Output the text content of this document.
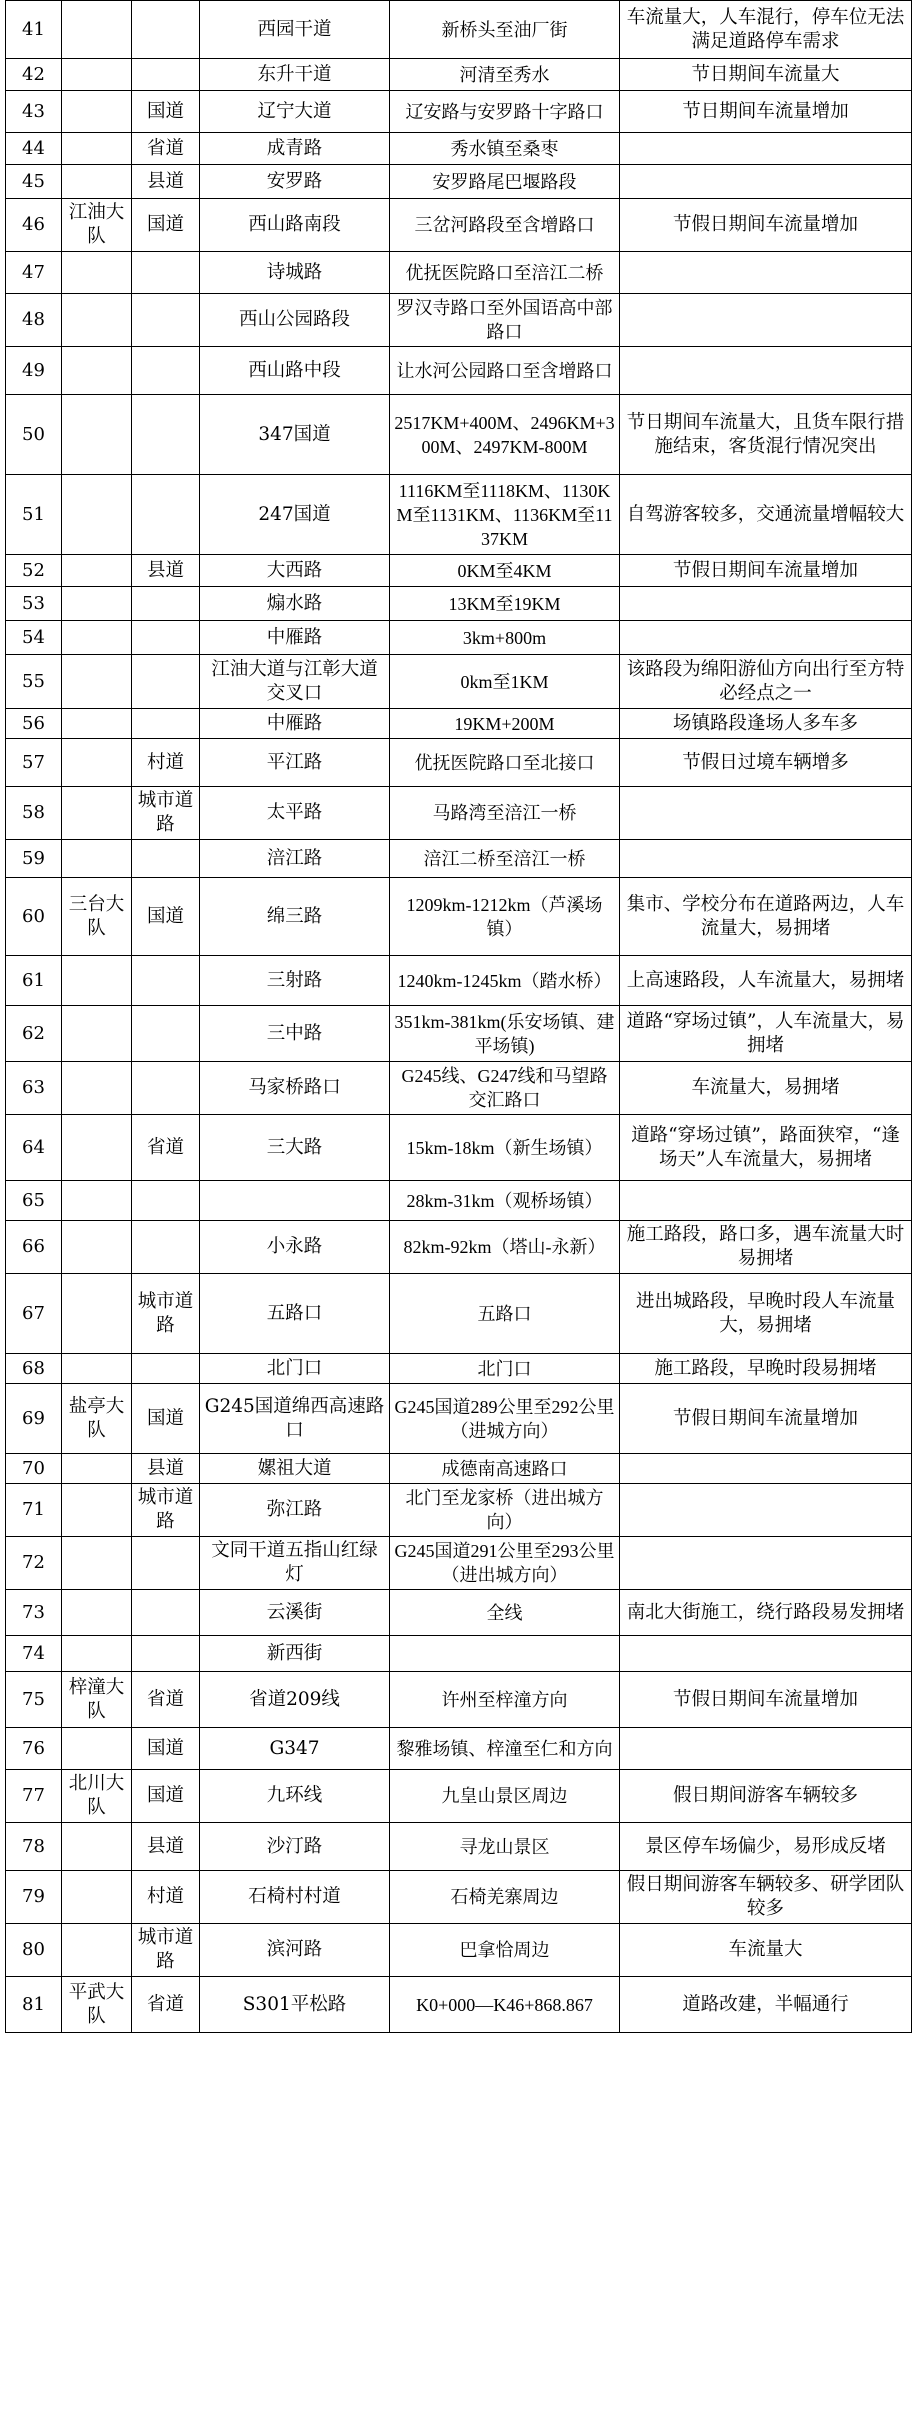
41			西园干道	新桥头至油厂街	车流量大，人车混行，停车位无法满足道路停车需求
42			东升干道	河清至秀水	节日期间车流量大
43		国道	辽宁大道	辽安路与安罗路十字路口	节日期间车流量增加
44		省道	成青路	秀水镇至桑枣	
45		县道	安罗路	安罗路尾巴堰路段	
46	江油大队	国道	西山路南段	三岔河路段至含增路口	节假日期间车流量增加
47			诗城路	优抚医院路口至涪江二桥	
48			西山公园路段	罗汉寺路口至外国语高中部路口	
49			西山路中段	让水河公园路口至含增路口	
50			347国道	2517KM+400M、2496KM+300M、2497KM-800M	节日期间车流量大，且货车限行措施结束，客货混行情况突出
51			247国道	1116KM至1118KM、1130KM至1131KM、1136KM至1137KM	自驾游客较多，交通流量增幅较大
52		县道	大西路	0KM至4KM	节假日期间车流量增加
53			煽水路	13KM至19KM	
54			中雁路	3km+800m	
55			江油大道与江彰大道交叉口	0km至1KM	该路段为绵阳游仙方向出行至方特必经点之一
56			中雁路	19KM+200M	场镇路段逢场人多车多
57		村道	平江路	优抚医院路口至北接口	节假日过境车辆增多
58		城市道路	太平路	马路湾至涪江一桥	
59			涪江路	涪江二桥至涪江一桥	
60	三台大队	国道	绵三路	1209km-1212km（芦溪场镇）	集市、学校分布在道路两边，人车流量大，易拥堵
61			三射路	1240km-1245km（踏水桥）	上高速路段，人车流量大，易拥堵
62			三中路	351km-381km(乐安场镇、建平场镇)	道路“穿场过镇”，人车流量大，易拥堵
63			马家桥路口	G245线、G247线和马望路交汇路口	车流量大，易拥堵
64		省道	三大路	15km-18km（新生场镇）	道路“穿场过镇”，路面狭窄，“逢场天”人车流量大，易拥堵
65				28km-31km（观桥场镇）	
66			小永路	82km-92km（塔山-永新）	施工路段，路口多，遇车流量大时易拥堵
67		城市道路	五路口	五路口	进出城路段，早晚时段人车流量大，易拥堵
68			北门口	北门口	施工路段，早晚时段易拥堵
69	盐亭大队	国道	G245国道绵西高速路口	G245国道289公里至292公里（进城方向）	节假日期间车流量增加
70		县道	嫘祖大道	成德南高速路口	
71		城市道路	弥江路	北门至龙家桥（进出城方向）	
72			文同干道五指山红绿灯	G245国道291公里至293公里（进出城方向）	
73			云溪街	全线	南北大街施工，绕行路段易发拥堵
74			新西街		
75	梓潼大队	省道	省道209线	许州至梓潼方向	节假日期间车流量增加
76		国道	G347	黎雅场镇、梓潼至仁和方向	
77	北川大队	国道	九环线	九皇山景区周边	假日期间游客车辆较多
78		县道	沙汀路	寻龙山景区	景区停车场偏少，易形成反堵
79		村道	石椅村村道	石椅羌寨周边	假日期间游客车辆较多、研学团队较多
80		城市道路	滨河路	巴拿恰周边	车流量大
81	平武大队	省道	S301平松路	K0+000—K46+868.867	道路改建，半幅通行
